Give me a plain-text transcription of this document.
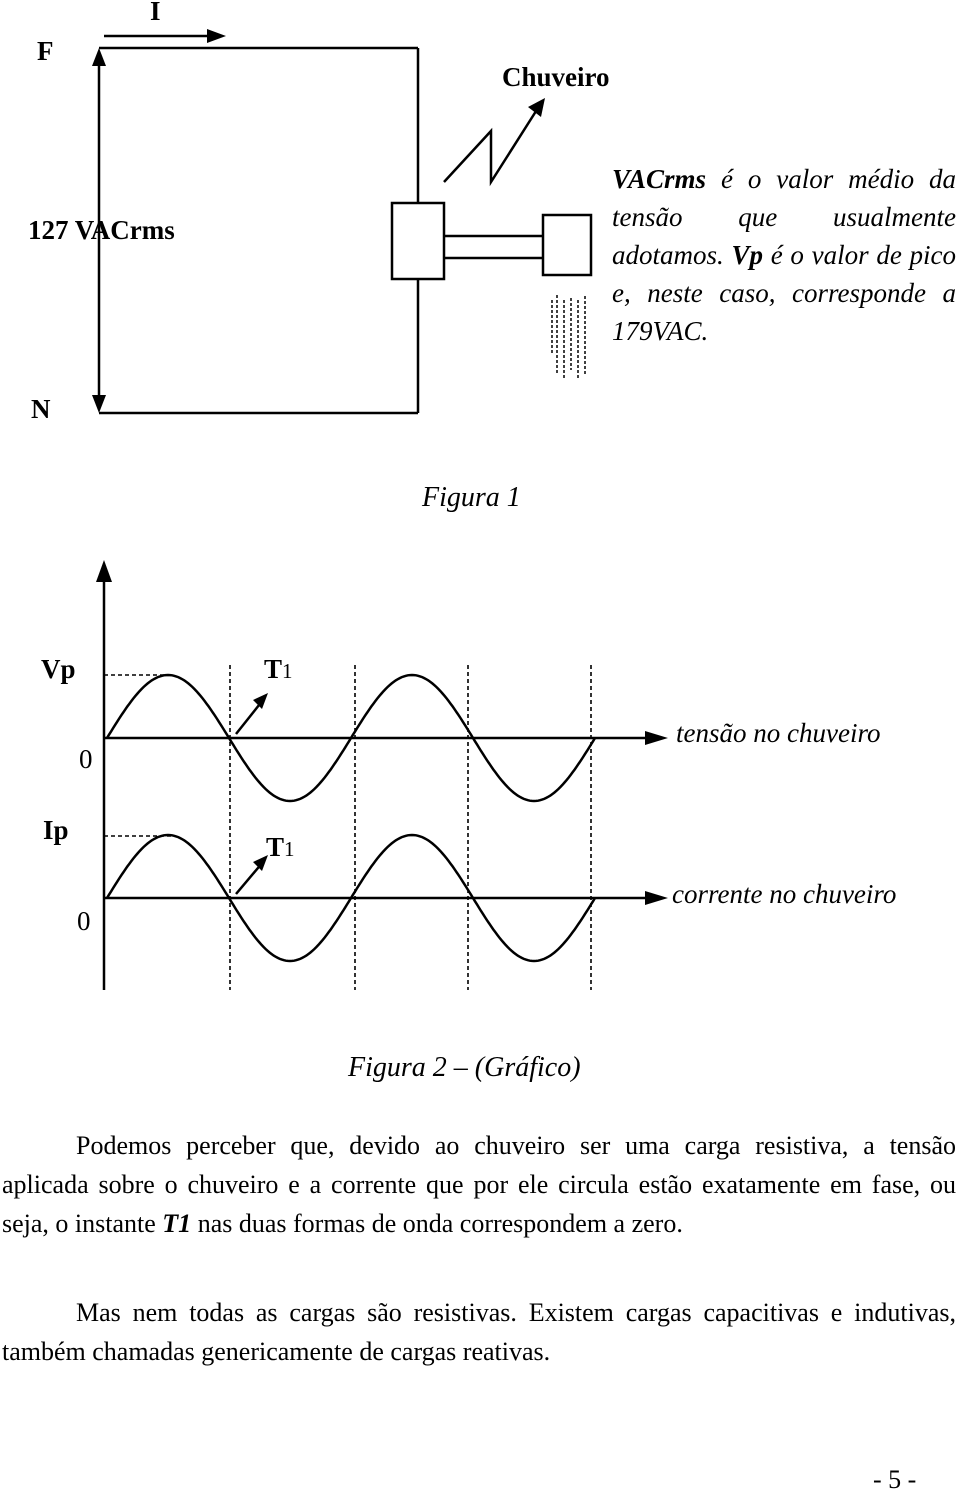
I
F
N
127 VACrms
Chuveiro
VACrms é o valor médio da tensão que usualmente adotamos. Vp é o valor de pico e, neste caso, corresponde a 179VAC.
Figura 1
Vp
0
Ip
0
T1
T1
tensão no chuveiro
corrente no chuveiro
Figura 2 – (Gráfico)
Podemos perceber que, devido ao chuveiro ser uma carga resistiva, a tensão aplicada sobre o chuveiro e a corrente que por ele circula estão exatamente em fase, ou seja, o instante T1 nas duas formas de onda correspondem a zero.
Mas nem todas as cargas são resistivas. Existem cargas capacitivas e indutivas, também chamadas genericamente de cargas reativas.
- 5 -
